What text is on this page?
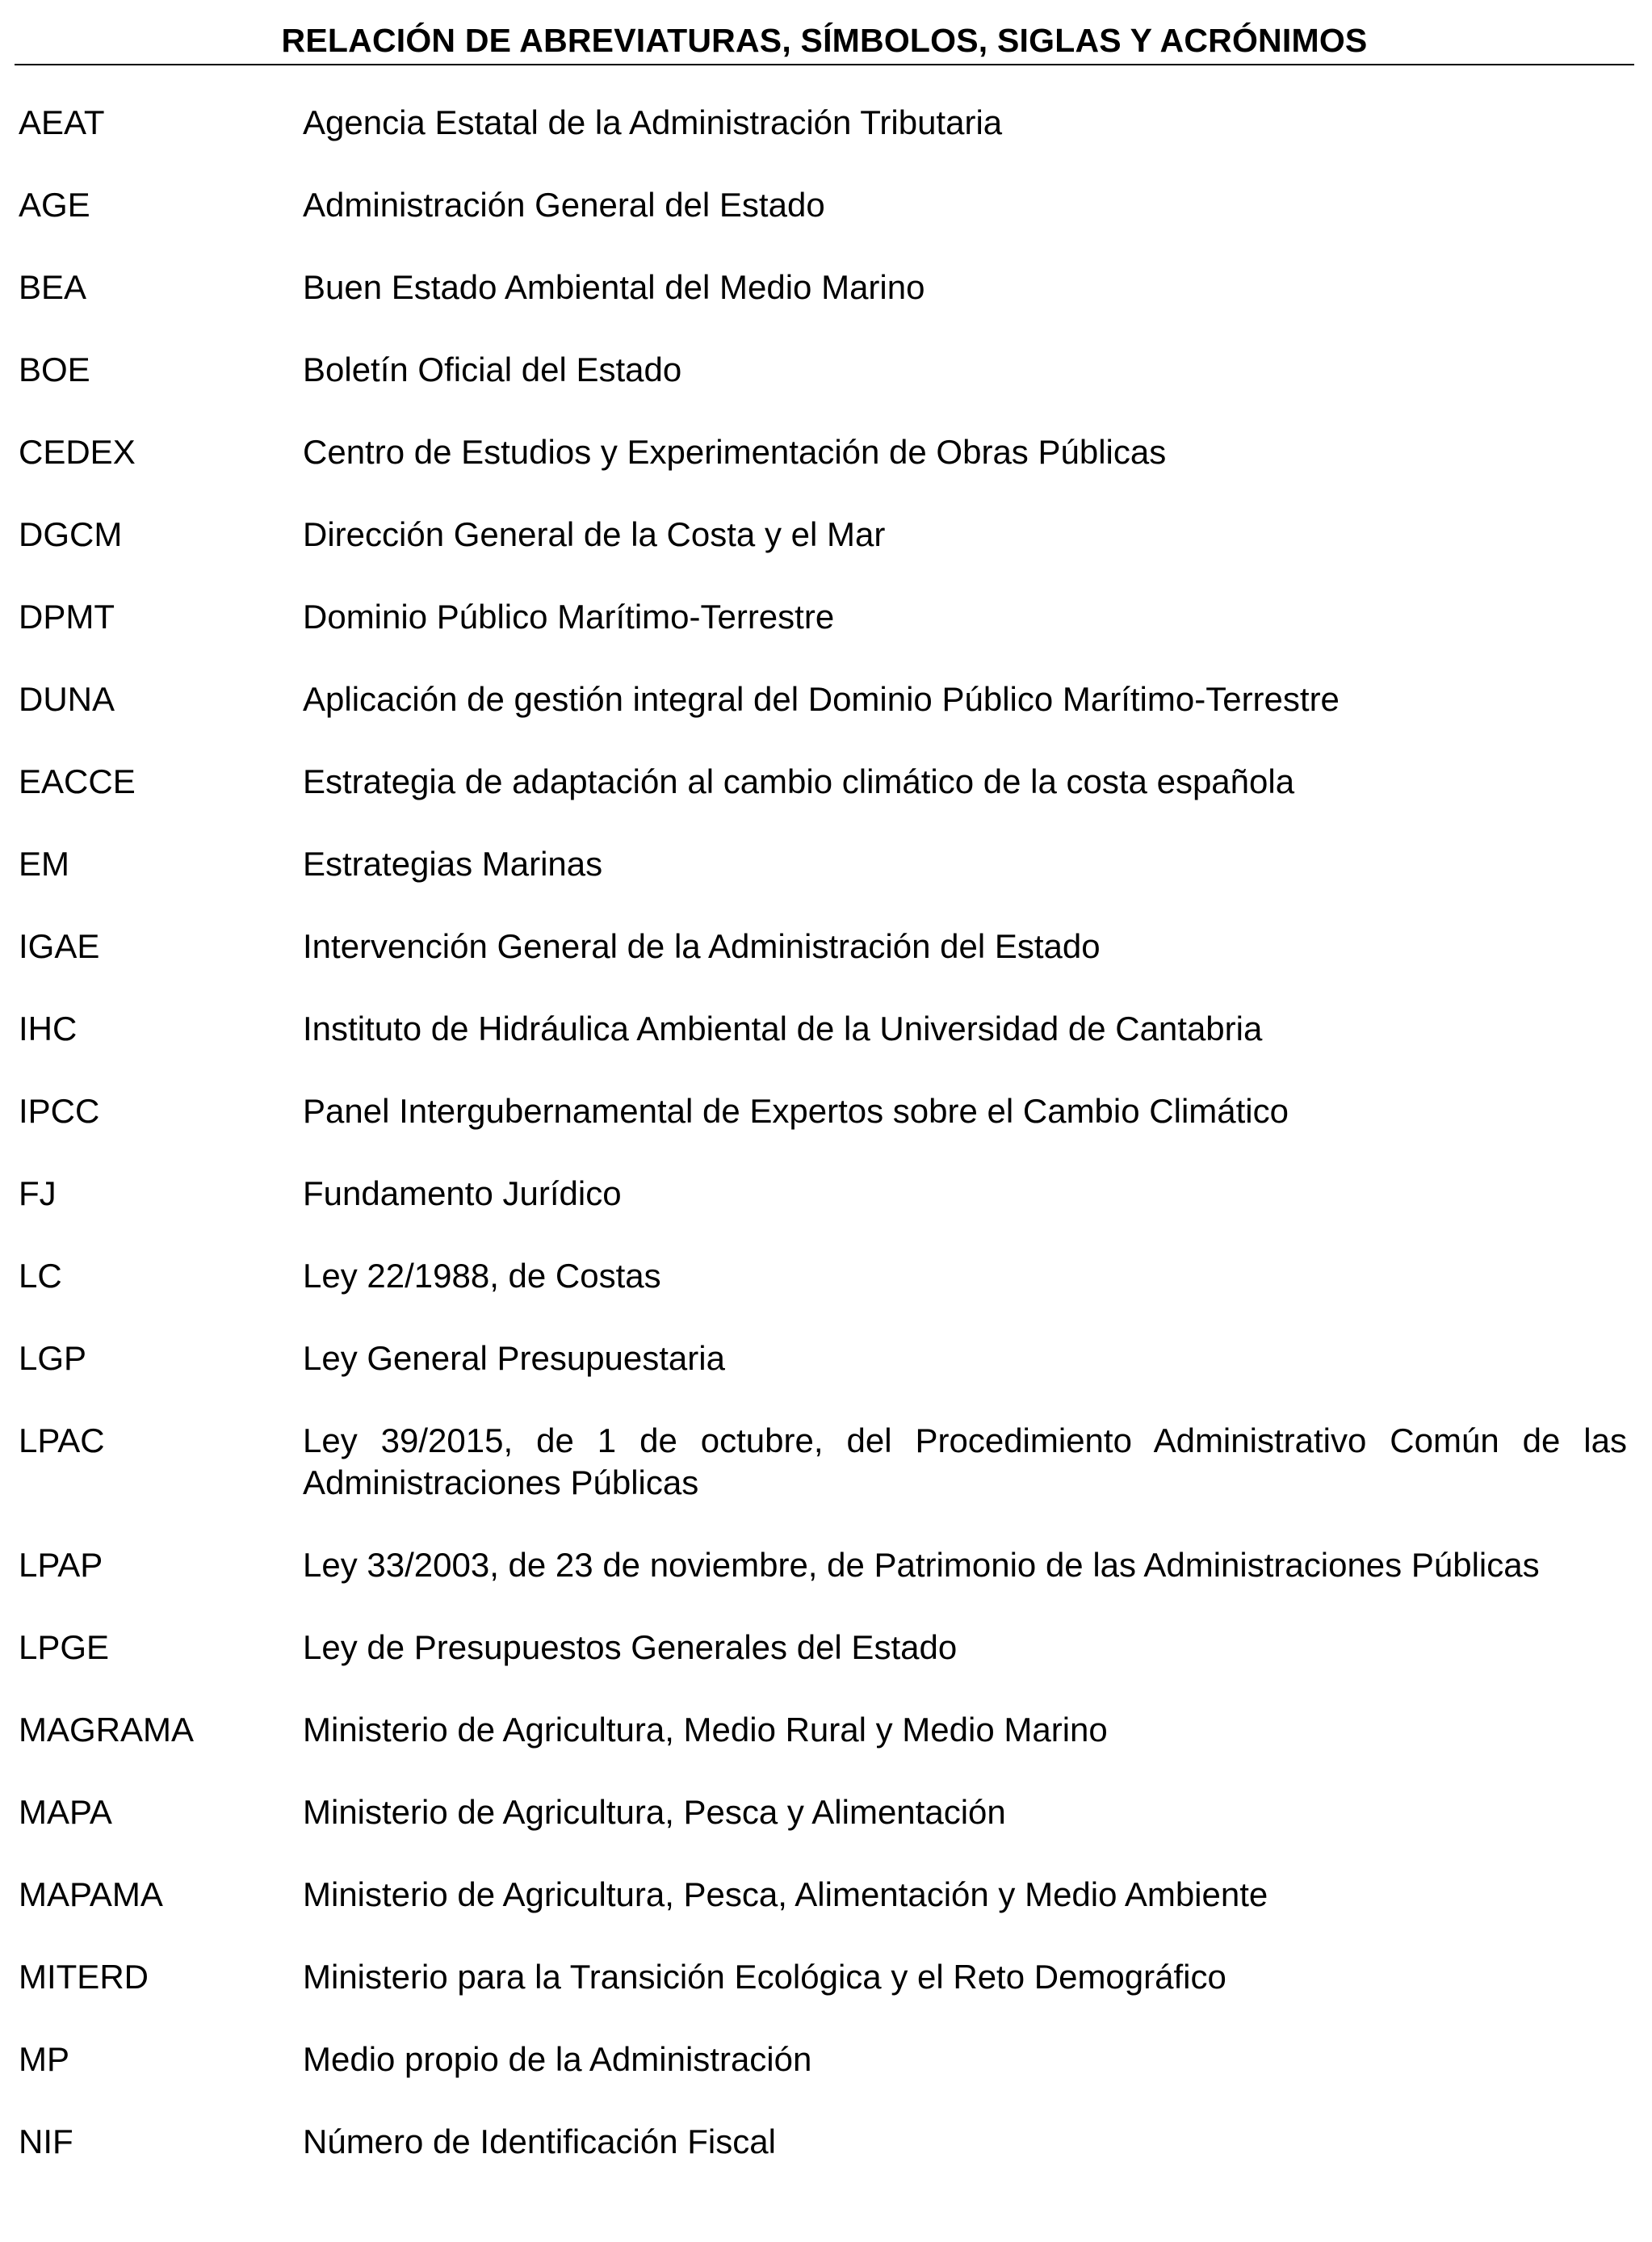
RELACIÓN DE ABREVIATURAS, SÍMBOLOS, SIGLAS Y ACRÓNIMOS
AEAT	Agencia Estatal de la Administración Tributaria
AGE	Administración General del Estado
BEA	Buen Estado Ambiental del Medio Marino
BOE	Boletín Oficial del Estado
CEDEX	Centro de Estudios y Experimentación de Obras Públicas
DGCM	Dirección General de la Costa y el Mar
DPMT	Dominio Público Marítimo-Terrestre
DUNA	Aplicación de gestión integral del Dominio Público Marítimo-Terrestre
EACCE	Estrategia de adaptación al cambio climático de la costa española
EM	Estrategias Marinas
IGAE	Intervención General de la Administración del Estado
IHC	Instituto de Hidráulica Ambiental de la Universidad de Cantabria
IPCC	Panel Intergubernamental de Expertos sobre el Cambio Climático
FJ	Fundamento Jurídico
LC	Ley 22/1988, de Costas
LGP	Ley General Presupuestaria
LPAC	Ley 39/2015, de 1 de octubre, del Procedimiento Administrativo Común de las Administraciones Públicas
LPAP	Ley 33/2003, de 23 de noviembre, de Patrimonio de las Administraciones Públicas
LPGE	Ley de Presupuestos Generales del Estado
MAGRAMA	Ministerio de Agricultura, Medio Rural y Medio Marino
MAPA	Ministerio de Agricultura, Pesca y Alimentación
MAPAMA	Ministerio de Agricultura, Pesca, Alimentación y Medio Ambiente
MITERD	Ministerio para la Transición Ecológica y el Reto Demográfico
MP	Medio propio de la Administración
NIF	Número de Identificación Fiscal
